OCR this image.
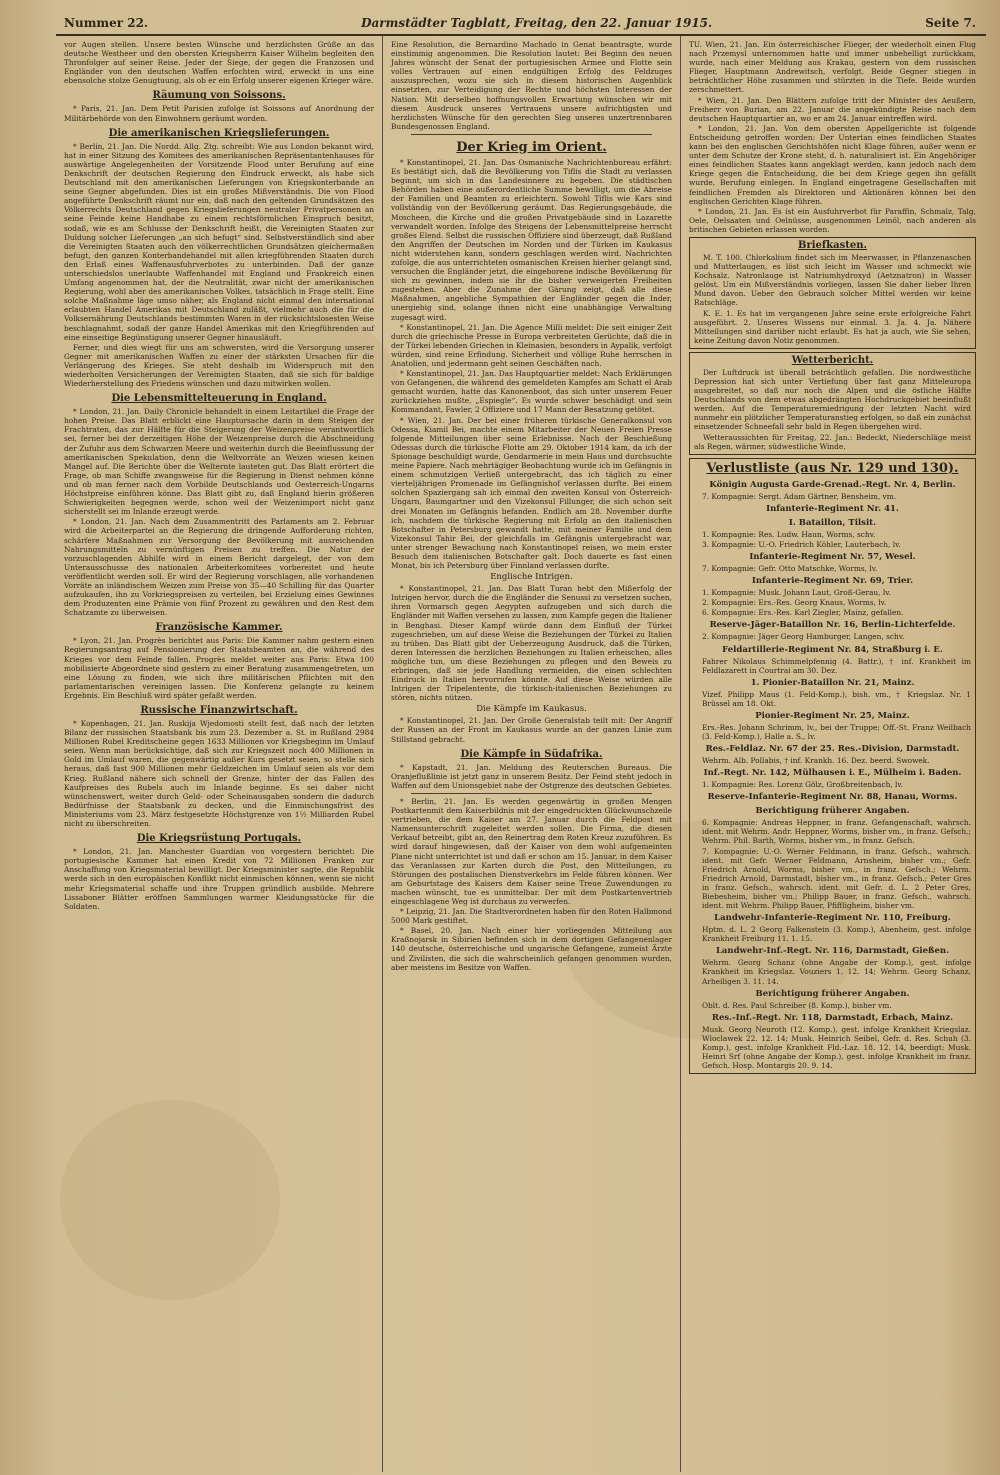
Nummer 22.	Darmstädter Tagblatt, Freitag, den 22. Januar 1915.	Seite 7.

vor Augen stellen. Unsere besten Wünsche und herzlichsten Grüße an das deutsche Westheer und den obersten Kriegsherrn Kaiser Wilhelm begleiten den Thronfolger auf seiner Reise. Jeder der Siege, der gegen die Franzosen und Engländer von den deutschen Waffen erfochten wird, erweckt in uns eine ebensolche stolze Genugtuung, als ob er ein Erfolg unserer eigenen Krieger wäre.

Räumung von Soissons.

* Paris, 21. Jan. Dem Petit Parisien zufolge ist Soissons auf Anordnung der Militärbehörde von den Einwohnern geräumt worden.

Die amerikanischen Kriegslieferungen.

* Berlin, 21. Jan. Die Nordd. Allg. Ztg. schreibt: Wie aus London bekannt wird, hat in einer Sitzung des Komitees des amerikanischen Repräsentantenhauses für auswärtige Angelegenheiten der Vorsitzende Flood unter Berufung auf eine Denkschrift der deutschen Regierung den Eindruck erweckt, als habe sich Deutschland mit den amerikanischen Lieferungen von Kriegskonterbande an seine Gegner abgefunden. Dies ist ein großes Mißverständnis. Die von Flood angeführte Denkschrift räumt nur ein, daß nach den geltenden Grundsätzen des Völkerrechts Deutschland gegen Kriegslieferungen neutraler Privatpersonen an seine Feinde keine Handhabe zu einem rechtsförmlichen Einspruch besitzt, sodaß, wie es am Schlusse der Denkschrift heißt, die Vereinigten Staaten zur Duldung solcher Lieferungen „an sich befugt“ sind. Selbstverständlich sind aber die Vereinigten Staaten auch den völkerrechtlichen Grundsätzen gleichermaßen befugt, den ganzen Konterbandehandel mit allen kriegführenden Staaten durch den Erlaß eines Waffenausfuhrverbotes zu unterbinden. Daß der ganze unterschiedslos unerlaubte Waffenhandel mit England und Frankreich einen Umfang angenommen hat, der die Neutralität, zwar nicht der amerikanischen Regierung, wohl aber des amerikanischen Volkes, tatsächlich in Frage stellt. Eine solche Maßnahme läge umso näher, als England nicht einmal den international erlaubten Handel Amerikas mit Deutschland zuläßt, vielmehr auch die für die Volksernährung Deutschlands bestimmten Waren in der rücksichtslosesten Weise beschlagnahmt, sodaß der ganze Handel Amerikas mit den Kriegführenden auf eine einseitige Begünstigung unserer Gegner hinausläuft.

Ferner, und dies wiegt für uns am schwersten, wird die Versorgung unserer Gegner mit amerikanischen Waffen zu einer der stärksten Ursachen für die Verlängerung des Krieges. Sie steht deshalb im Widerspruch mit den wiederholten Versicherungen der Vereinigten Staaten, daß sie sich für baldige Wiederherstellung des Friedens wünschen und dazu mitwirken wollen.

Die Lebensmittelteuerung in England.

* London, 21. Jan. Daily Chronicle behandelt in einem Leitartikel die Frage der hohen Preise. Das Blatt erblickt eine Hauptursache darin in dem Steigen der Frachtraten, das zur Hälfte für die Steigerung der Weizenpreise verantwortlich sei, ferner bei der derzeitigen Höhe der Weizenpreise durch die Abschneidung der Zufuhr aus dem Schwarzen Meere und weiterhin durch die Beeinflussung der amerikanischen Spekulation, denn die Weltvorräte an Weizen wiesen keinen Mangel auf. Die Berichte über die Welternte lauteten gut. Das Blatt erörtert die Frage, ob man Schiffe zwangsweise für die Regierung in Dienst nehmen könne und ob man ferner nach dem Vorbilde Deutschlands und Oesterreich-Ungarns Höchstpreise einführen könne. Das Blatt gibt zu, daß England hierin größeren Schwierigkeiten begegnen werde, schon weil der Weizenimport nicht ganz sicherstellt sei im Inlande erzeugt werde.

* London, 21. Jan. Nach dem Zusammentritt des Parlaments am 2. Februar wird die Arbeiterpartei an die Regierung die dringende Aufforderung richten, schärfere Maßnahmen zur Versorgung der Bevölkerung mit ausreichenden Nahrungsmitteln zu vernünftigen Preisen zu treffen. Die Natur der vorzuschlagenden Abhilfe wird in einem Bericht dargelegt, der von dem Unterausschusse des nationalen Arbeiterkomitees vorbereitet und heute veröffentlicht werden soll. Er wird der Regierung vorschlagen, alle vorhandenen Vorräte an inländischem Weizen zum Preise von 35—40 Schilling für das Quarter aufzukaufen, ihn zu Vorkriegspreisen zu verteilen, bei Erzielung eines Gewinnes dem Produzenten eine Prämie von fünf Prozent zu gewähren und den Rest dem Schatzamte zu überweisen.

Französische Kammer.

* Lyon, 21. Jan. Progrès berichtet aus Paris: Die Kammer nahm gestern einen Regierungsantrag auf Pensionierung der Staatsbeamten an, die während des Krieges vor dem Feinde fallen. Progrès meldet weiter aus Paris: Etwa 100 mobilisierte Abgeordnete sind gestern zu einer Beratung zusammengetreten, um eine Lösung zu finden, wie sich ihre militärischen Pflichten mit den parlamentarischen vereinigen lassen. Die Konferenz gelangte zu keinem Ergebnis. Ein Beschluß wird später gefaßt werden.

Russische Finanzwirtschaft.

* Kopenhagen, 21. Jan. Ruskija Wjedomosti stellt fest, daß nach der letzten Bilanz der russischen Staatsbank bis zum 23. Dezember a. St. in Rußland 2984 Millionen Rubel Kreditscheine gegen 1633 Millionen vor Kriegsbeginn im Umlauf seien. Wenn man berücksichtige, daß sich zur Kriegszeit noch 400 Millionen in Gold im Umlauf waren, die gegenwärtig außer Kurs gesetzt seien, so stelle sich heraus, daß fast 900 Millionen mehr Geldzeichen im Umlauf seien als vor dem Krieg. Rußland nähere sich schnell der Grenze, hinter der das Fallen des Kaufpreises des Rubels auch im Inlande beginne. Es sei daher nicht wünschenswert, weiter durch Geld- oder Scheinausgaben sondern die dadurch Bedürfnisse der Staatsbank zu decken, und die Einmischungsfrist des Ministeriums vom 23. März festgesetzte Höchstgrenze von 1½ Milliarden Rubel nicht zu überschreiten.

Die Kriegsrüstung Portugals.

* London, 21. Jan. Manchester Guardian von vorgestern berichtet: Die portugiesische Kammer hat einen Kredit von 72 Millionen Franken zur Anschaffung von Kriegsmaterial bewilligt. Der Kriegsminister sagte, die Republik werde sich in den europäischen Konflikt nicht einmischen können, wenn sie nicht mehr Kriegsmaterial schaffe und ihre Truppen gründlich ausbilde. Mehrere Lissaboner Blätter eröffnen Sammlungen warmer Kleidungsstücke für die Soldaten.

Eine Resolution, die Bernardino Machado in Genat beantragte, wurde einstimmig angenommen. Die Resolution lautet: Bei Beginn des neuen Jahres wünscht der Senat der portugiesischen Armee und Flotte sein volles Vertrauen auf einen endgültigen Erfolg des Feldzuges auszusprechen, wozu sie sich in diesem historischen Augenblick einsetzten, zur Verteidigung der Rechte und höchsten Interessen der Nation. Mit derselben hoffnungsvollen Erwartung wünschen wir mit diesem Ausdruck unseres Vertrauens unsere aufrichtigsten und herzlichsten Wünsche für den gerechten Sieg unseres unzertrennbaren Bundesgenossen England.

Der Krieg im Orient.

* Konstantinopel, 21. Jan. Das Osmanische Nachrichtenbureau erfährt: Es bestätigt sich, daß die Bevölkerung von Tiflis die Stadt zu verlassen beginnt, um sich in das Landesinnere zu begeben. Die städtischen Behörden haben eine außerordentliche Summe bewilligt, um die Abreise der Familien und Beamten zu erleichtern. Sowohl Tiflis wie Kars sind vollständig von der Bevölkerung geräumt. Das Regierungsgebäude, die Moscheen, die Kirche und die großen Privatgebäude sind in Lazarette verwandelt worden. Infolge des Steigens der Lebensmittelpreise herrscht großes Elend. Selbst die russischen Offiziere sind überzeugt, daß Rußland den Angriffen der Deutschen im Norden und der Türken im Kaukasus nicht widerstehen kann, sondern geschlagen werden wird. Nachrichten zufolge, die aus unterrichteten osmanischen Kreisen hierher gelangt sind, versuchen die Engländer jetzt, die eingeborene indische Bevölkerung für sich zu gewinnen, indem sie ihr die bisher verweigerten Freiheiten zugestehen. Aber die Zunahme der Gärung zeigt, daß alle diese Maßnahmen, angebliche Sympathien der Engländer gegen die Inder, unergiebig sind, solange ihnen nicht eine unabhängige Verwaltung zugesagt wird.

* Konstantinopel, 21. Jan. Die Agence Milli meldet: Die seit einiger Zeit durch die griechische Presse in Europa verbreiteten Gerüchte, daß die in der Türkei lebenden Griechen in Kleinasien, besonders in Aypalik, verfolgt würden, sind reine Erfindung. Sicherheit und völlige Ruhe herrschen in Anatolien, und jedermann geht seinen Geschäften nach.

* Konstantinopel, 21. Jan. Das Hauptquartier meldet: Nach Erklärungen von Gefangenen, die während des gemeldeten Kampfes am Schatt el Arab gemacht wurden, hatte das Kanonenboot, das sich unter unserem Feuer zurückziehen mußte, „Espiegle“. Es wurde schwer beschädigt und sein Kommandant, Fawler, 2 Offiziere und 17 Mann der Besatzung getötet.

* Wien, 21. Jan. Der bei einer früheren türkische Generalkonsul von Odessa, Kiamil Bei, machte einem Mitarbeiter der Neuen Freien Presse folgende Mitteilungen über seine Erlebnisse. Nach der Beschießung Odessas durch die türkische Flotte am 29. Oktober 1914 kam, da ich der Spionage beschuldigt wurde, Gendarmerie in mein Haus und durchsuchte meine Papiere. Nach mehrtägiger Beobachtung wurde ich im Gefängnis in einem schmutzigen Verließ untergebracht, das ich täglich zu einer vierteljährigen Promenade im Gefängnishof verlassen durfte. Bei einem solchen Spaziergang sah ich einmal den zweiten Konsul von Österreich-Ungarn, Baumgartner und den Vizekonsul Fillunger, die sich schon seit drei Monaten im Gefängnis befanden. Endlich am 28. November durfte ich, nachdem die türkische Regierung mit Erfolg an den italienischen Botschafter in Petersburg gewandt hatte, mit meiner Familie und dem Vizekonsul Tahir Bei, der gleichfalls im Gefängnis untergebracht war, unter strenger Bewachung nach Konstantinopel reisen, wo mein erster Besuch dem italienischen Botschafter galt. Doch dauerte es fast einen Monat, bis ich Petersburg über Finnland verlassen durfte.

Englische Intrigen.

* Konstantinopel, 21. Jan. Das Blatt Turan hebt den Mißerfolg der Intrigen hervor, durch die die Engländer die Senussi zu versetzen suchen, ihren Vormarsch gegen Aegypten aufzugeben und sich durch die Engländer mit Waffen versehen zu lassen, zum Kampfe gegen die Italiener in Benghasi. Dieser Kampf würde dann dem Einfluß der Türkei zugeschrieben, um auf diese Weise die Beziehungen der Türkei zu Italien zu trüben. Das Blatt gibt der Ueberzeugung Ausdruck, daß die Türken, deren Interessen die herzlichen Beziehungen zu Italien erheischen, alles mögliche tun, um diese Beziehungen zu pflegen und den Beweis zu erbringen, daß sie jede Handlung vermeiden, die einen schlechten Eindruck in Italien hervorrufen könnte. Auf diese Weise würden alle Intrigen der Tripelentente, die türkisch-italienischen Beziehungen zu stören, nichts nützen.

Die Kämpfe im Kaukasus.

* Konstantinopel, 21. Jan. Der Große Generalstab teilt mit: Der Angriff der Russen an der Front im Kaukasus wurde an der ganzen Linie zum Stillstand gebracht.

Die Kämpfe in Südafrika.

* Kapstadt, 21. Jan. Meldung des Reuterschen Bureaus. Die Oranjeflußlinie ist jetzt ganz in unserem Besitz. Der Feind steht jedoch in Waffen auf dem Unionsgebiet nahe der Ostgrenze des deutschen Gebietes.

* Berlin, 21. Jan. Es werden gegenwärtig in großen Mengen Postkartenmit dem Kaiserbildnis mit der eingedruckten Glückwunschzeile vertrieben, die dem Kaiser am 27. Januar durch die Feldpost mit Namensunterschrift zugeleitet werden sollen. Die Firma, die diesen Verkauf betreibt, gibt an, den Reinertrag dem Roten Kreuz zuzuführen. Es wird darauf hingewiesen, daß der Kaiser von dem wohl aufgemeinten Plane nicht unterrichtet ist und daß er schon am 15. Januar, in dem Kaiser das Veranlassen zur Karten durch die Post, den Mitteilungen, zu Störungen des postalischen Dienstverkehrs im Felde führen können. Wer am Geburtstage des Kaisers dem Kaiser seine Treue Zuwendungen zu machen wünscht, tue es unmittelbar. Der mit dem Postkartenvertrieb eingeschlagene Weg ist durchaus zu verwerfen.

* Leipzig, 21. Jan. Die Stadtverordneten haben für den Roten Halbmond 5000 Mark gestiftet.

* Basel, 20. Jan. Nach einer hier vorliegenden Mitteilung aus Kraßnojarsk in Sibirien befinden sich in dem dortigen Gefangenenlager 140 deutsche, österreichische und ungarische Gefangene, zumeist Ärzte und Zivilisten, die sich die wahrscheinlich gefangen genommen wurden, aber meistens im Besitze von Waffen.

TU. Wien, 21. Jan. Ein österreichischer Flieger, der wiederholt einen Flug nach Przemysl unternommen hatte und immer unbehelligt zurückkam, wurde, nach einer Meldung aus Krakau, gestern von dem russischen Flieger, Hauptmann Andrewitsch, verfolgt. Beide Gegner stiegen in beträchtlicher Höhe zusammen und stürzten in die Tiefe. Beide wurden zerschmettert.

* Wien, 21. Jan. Den Blättern zufolge tritt der Minister des Aeußern, Freiherr von Burian, am 22. Januar die angekündigte Reise nach dem deutschen Hauptquartier an, wo er am 24. Januar eintreffen wird.

* London, 21. Jan. Von dem obersten Appellgerichte ist folgende Entscheidung getroffen worden: Der Untertan eines feindlichen Staates kann bei den englischen Gerichtshöfen nicht Klage führen, außer wenn er unter dem Schutze der Krone steht, d. h. naturalisiert ist. Ein Angehöriger eines feindlichen Staates kann angeklagt werden, kann jedoch nach dem Kriege gegen die Entscheidung, die bei dem Kriege gegen ihn gefällt wurde, Berufung einlegen. In England eingetragene Gesellschaften mit feindlichen Fremden als Direktoren und Aktionären können bei den englischen Gerichten Klage führen.

* London, 21. Jan. Es ist ein Ausfuhrverbot für Paraffin, Schmalz, Talg, Oele, Oelsaaten und Oelnüsse, ausgenommen Leinöl, nach anderen als britischen Gebieten erlassen worden.

Briefkasten.

M. T. 100. Chlorkalium findet sich im Meerwasser, in Pflanzenaschen und Mutterlaugen, es löst sich leicht im Wasser und schmeckt wie Kochsalz. Natronlauge ist Natriumhydroxyd (Aetznatron) in Wasser gelöst. Um ein Mißverständnis vorliegen, lassen Sie daher lieber Ihren Mund davon. Ueber den Gebrauch solcher Mittel werden wir keine Ratschläge.

K. E. 1. Es hat im vergangenen Jahre seine erste erfolgreiche Fahrt ausgeführt. 2. Unseres Wissens nur einmal. 3. Ja. 4. Ja. Nähere Mitteilungen sind darüber nicht erlaubt. Es hat ja auch, wie Sie sehen, keine Zeitung davon Notiz genommen.

Wetterbericht.

Der Luftdruck ist überall beträchtlich gefallen. Die nordwestliche Depression hat sich unter Vertiefung über fast ganz Mitteleuropa ausgebreitet, so daß nur noch die Alpen und die östliche Hälfte Deutschlands von dem etwas abgedrängten Hochdruckgebiet beeinflußt werden. Auf die Temperaturerniedrigung der letzten Nacht wird nunmehr ein plötzlicher Temperaturanstieg erfolgen, so daß ein zunächst einsetzender Schneefall sehr bald in Regen übergehen wird.

Wetteraussichten für Freitag, 22. Jan.: Bedeckt, Niederschläge meist als Regen, wärmer, südwestliche Winde.

Verlustliste (aus Nr. 129 und 130).
Königin Augusta Garde-Grenad.-Regt. Nr. 4, Berlin.

7. Kompagnie: Sergt. Adam Gärtner, Bensheim, vm.

Infanterie-Regiment Nr. 41.
I. Bataillon, Tilsit.

1. Kompagnie: Res. Ludw. Haun, Worms, schv.

3. Kompagnie: U.-O. Friedrich Köhler, Lauterbach, lv.

Infanterie-Regiment Nr. 57, Wesel.

7. Kompagnie: Gefr. Otto Matschke, Worms, lv.

Infanterie-Regiment Nr. 69, Trier.

1. Kompagnie: Musk. Johann Laut, Groß-Gerau, lv.

2. Kompagnie: Ers.-Res. Georg Knaus, Worms, lv.

6. Kompagnie: Ers.-Res. Karl Ziegler, Mainz, gefallen.

Reserve-Jäger-Bataillon Nr. 16, Berlin-Lichterfelde.

2. Kompagnie: Jäger Georg Hamburger, Langen, schv.

Feldartillerie-Regiment Nr. 84, Straßburg i. E.

Fahrer Nikolaus Schimmelpfennig (4. Battr.), † inf. Krankheit im Feldlazarett in Courtrai am 30. Dez.

1. Pionier-Bataillon Nr. 21, Mainz.

Vizef. Philipp Maus (1. Feld-Komp.), bish. vm., † Kriegslaz. Nr. 1 Brüssel am 18. Okt.

Pionier-Regiment Nr. 25, Mainz.

Ers.-Res. Johann Schrimm, lv., bei der Truppe; Off.-St. Franz Weilbach (3. Feld-Komp.), Halle a. S., lv.

Res.-Feldlaz. Nr. 67 der 25. Res.-Division, Darmstadt.

Wehrm. Alb. Pollabis, † inf. Krankh. 16. Dez. beerd. Swowek.

Inf.-Regt. Nr. 142, Mülhausen i. E., Mülheim i. Baden.

1. Kompagnie: Res. Lorenz Gölz, Großbreitenbach, lv.

Reserve-Infanterie-Regiment Nr. 88, Hanau, Worms.
Berichtigung früherer Angaben.

6. Kompagnie: Andreas Heppner, in franz. Gefangenschaft, wahrsch. ident. mit Wehrm. Andr. Heppner, Worms, bisher vm., in franz. Gefsch.; Wehrm. Phil. Barth, Worms, bisher vm., in franz. Gefsch.

7. Kompagnie: U.-O. Werner Feldmann, in franz. Gefsch., wahrsch. ident. mit Gefr. Werner Feldmann, Arnsheim, bisher vm.; Gefr. Friedrich Arnold, Worms, bisher vm., in franz. Gefsch.; Wehrm. Friedrich Arnold, Darmstadt, bisher vm., in franz. Gefsch.; Peter Gres in franz. Gefsch., wahrsch. ident. mit Gefr. d. L. 2 Peter Gres, Biebesheim, bisher vm.; Philipp Bauer, in franz. Gefsch., wahrsch. ident. mit Wehrm. Philipp Bauer, Pfiffligheim, bisher vm.

Landwehr-Infanterie-Regiment Nr. 110, Freiburg.

Hptm. d. L. 2 Georg Falkenstein (3. Komp.), Abenheim, gest. infolge Krankheit Freiburg 11. 1. 15.

Landwehr-Inf.-Regt. Nr. 116, Darmstadt, Gießen.

Wehrm. Georg Schanz (ohne Angabe der Komp.), gest. infolge Krankheit im Kriegslaz. Vouziers 1. 12. 14; Wehrm. Georg Schanz, Arheiligen 3. 11. 14.

Berichtigung früherer Angaben.

Oblt. d. Res. Paul Schreiber (8. Komp.), bisher vm.

Res.-Inf.-Regt. Nr. 118, Darmstadt, Erbach, Mainz.

Musk. Georg Neuroth (12. Komp.), gest. infolge Krankheit Kriegslaz. Wloclawek 22. 12. 14; Musk. Heinrich Seibel, Gefr. d. Res. Schuh (3. Komp.), gest. infolge Krankheit Fld.-Laz. 18. 12. 14, beerdigt: Musk. Heinri Srf (ohne Angabe der Komp.), gest. infolge Krankheit im franz. Gefsch. Hosp. Montargis 20. 9. 14.
